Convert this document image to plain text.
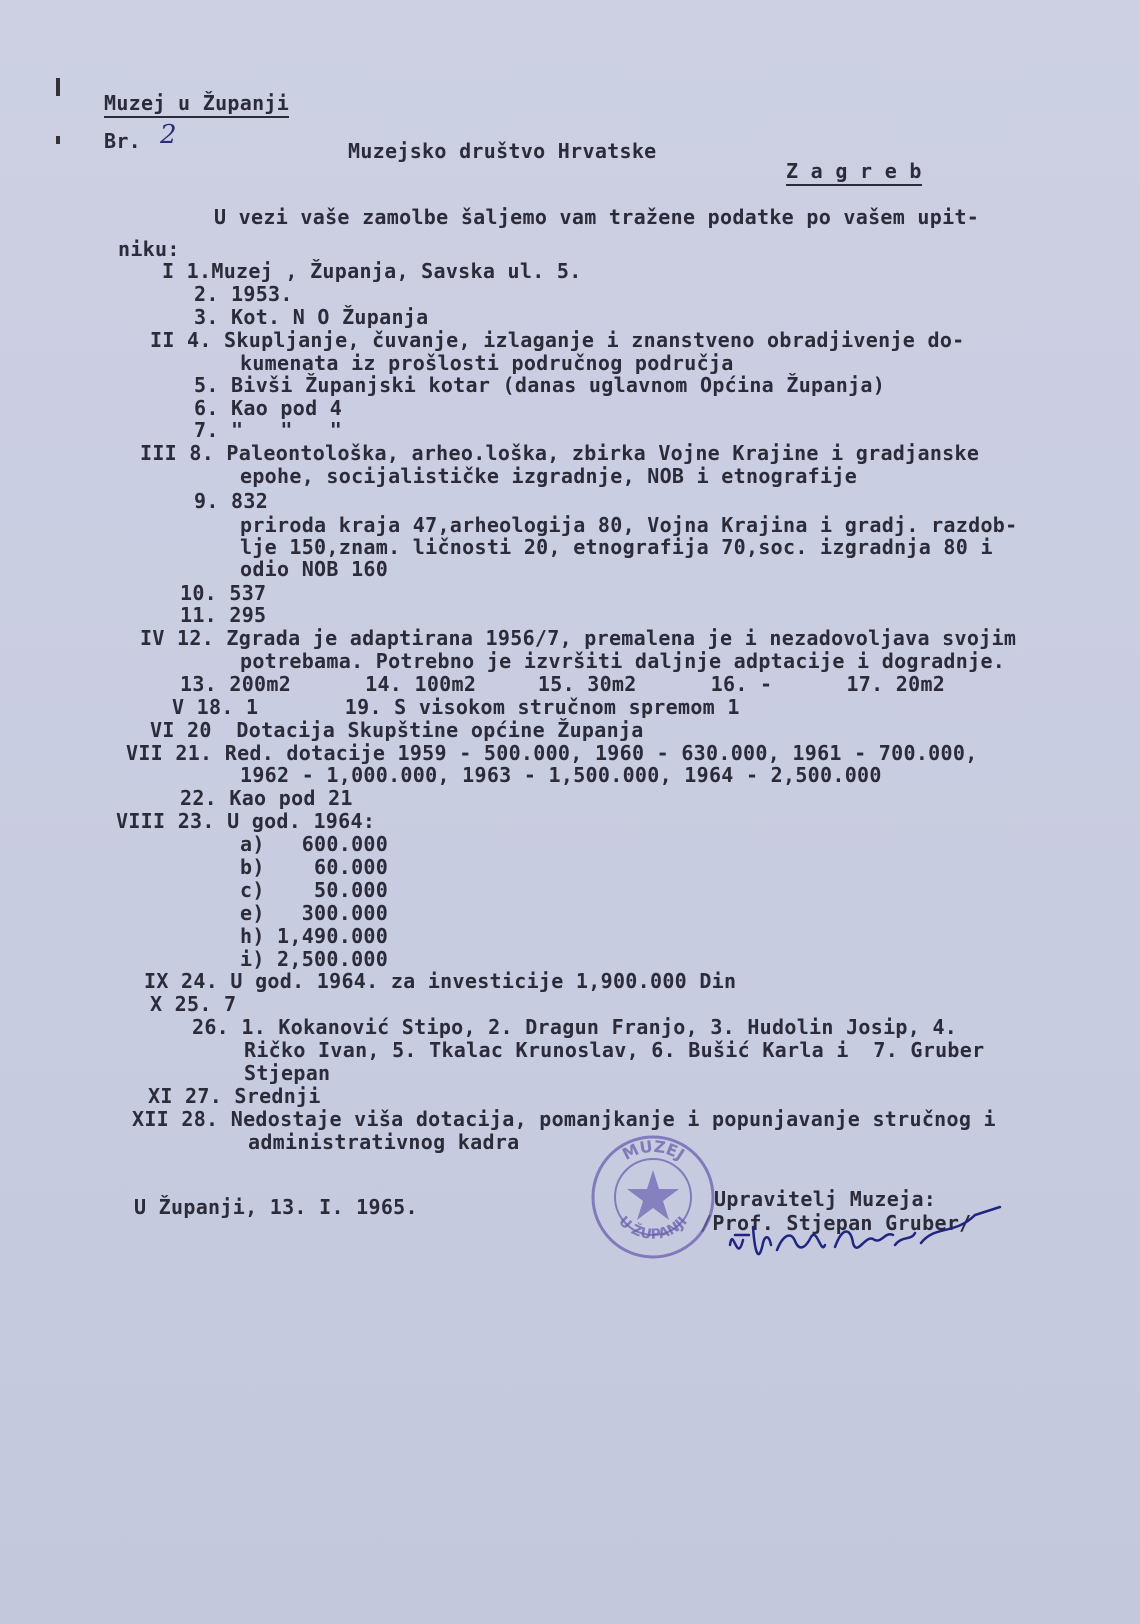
Muzej u Županji
Br. 2
Muzejsko društvo Hrvatske
Z a g r e b
U vezi vaše zamolbe šaljemo vam tražene podatke po vašem upit-
niku:
I 1.Muzej , Županja, Savska ul. 5.
2. 1953.
3. Kot. N O Županja
II 4. Skupljanje, čuvanje, izlaganje i znanstveno obradjivenje do-
kumenata iz prošlosti područnog područja
5. Bivši Županjski kotar (danas uglavnom Općina Županja)
6. Kao pod 4
7. "   "   "
III 8. Paleontološka, arheo.loška, zbirka Vojne Krajine i gradjanske
epohe, socijalističke izgradnje, NOB i etnografije
9. 832
priroda kraja 47,arheologija 80, Vojna Krajina i gradj. razdob-
lje 150,znam. ličnosti 20, etnografija 70,soc. izgradnja 80 i
odio NOB 160
10. 537
11. 295
IV 12. Zgrada je adaptirana 1956/7, premalena je i nezadovoljava svojim
potrebama. Potrebno je izvršiti daljnje adptacije i dogradnje.
13. 200m2      14. 100m2     15. 30m2      16. -      17. 20m2
V 18. 1       19. S visokom stručnom spremom 1
VI 20  Dotacija Skupštine općine Županja
VII 21. Red. dotacije 1959 - 500.000, 1960 - 630.000, 1961 - 700.000,
1962 - 1,000.000, 1963 - 1,500.000, 1964 - 2,500.000
22. Kao pod 21
VIII 23. U god. 1964:
a)   600.000
b)    60.000
c)    50.000
e)   300.000
h) 1,490.000
i) 2,500.000
IX 24. U god. 1964. za investicije 1,900.000 Din
X 25. 7
26. 1. Kokanović Stipo, 2. Dragun Franjo, 3. Hudolin Josip, 4.
Ričko Ivan, 5. Tkalac Krunoslav, 6. Bušić Karla i  7. Gruber
Stjepan
XI 27. Srednji
XII 28. Nedostaje viša dotacija, pomanjkanje i popunjavanje stručnog i
administrativnog kadra
U Županji, 13. I. 1965.	Upravitelj Muzeja:
/Prof. Stjepan Gruber/
MUZEJ
U ŽUPANJI
